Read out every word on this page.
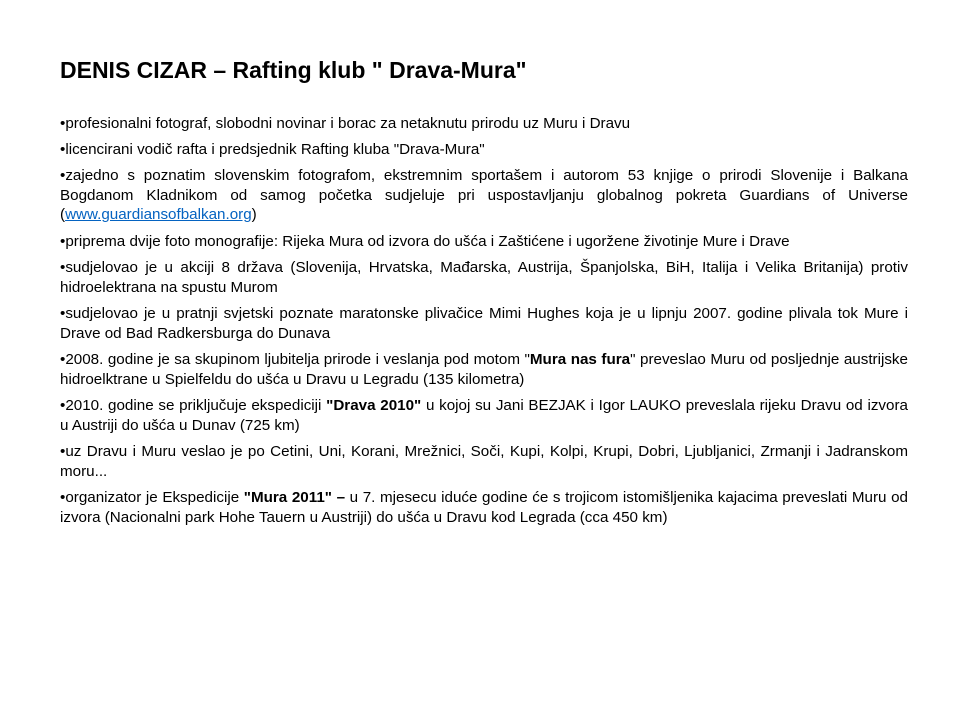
DENIS CIZAR – Rafting klub " Drava-Mura"
•profesionalni fotograf, slobodni novinar i borac za netaknutu prirodu uz Muru i Dravu
•licencirani vodič rafta i predsjednik Rafting kluba "Drava-Mura"
•zajedno s poznatim slovenskim fotografom, ekstremnim sportašem i autorom 53 knjige o prirodi Slovenije i Balkana Bogdanom Kladnikom od samog početka sudjeluje pri uspostavljanju globalnog pokreta Guardians of Universe (www.guardiansofbalkan.org)
•priprema dvije foto monografije: Rijeka Mura od izvora do ušća i Zaštićene i ugoržene životinje Mure i Drave
•sudjelovao je u akciji 8 država (Slovenija, Hrvatska, Mađarska, Austrija, Španjolska, BiH, Italija i Velika Britanija) protiv hidroelektrana na spustu Murom
•sudjelovao je u pratnji svjetski poznate maratonske plivačice Mimi Hughes koja je u lipnju 2007. godine plivala tok Mure i Drave od Bad Radkersburga do Dunava
•2008. godine je sa skupinom ljubitelja prirode i veslanja pod motom "Mura nas fura" preveslao Muru od posljednje austrijske hidroelktrane u Spielfeldu do ušća u Dravu u Legradu (135 kilometra)
•2010. godine se priključuje ekspediciji "Drava 2010" u kojoj su Jani BEZJAK i Igor LAUKO preveslala rijeku Dravu od izvora u Austriji do ušća u Dunav (725 km)
•uz Dravu i Muru veslao je po Cetini, Uni, Korani, Mrežnici, Soči, Kupi, Kolpi, Krupi, Dobri, Ljubljanici, Zrmanji i Jadranskom moru...
•organizator je Ekspedicije "Mura 2011" – u 7. mjesecu iduće godine će s trojicom istomišljenika kajacima preveslati Muru od izvora (Nacionalni park Hohe Tauern u Austriji) do ušća u Dravu kod Legrada (cca 450 km)
